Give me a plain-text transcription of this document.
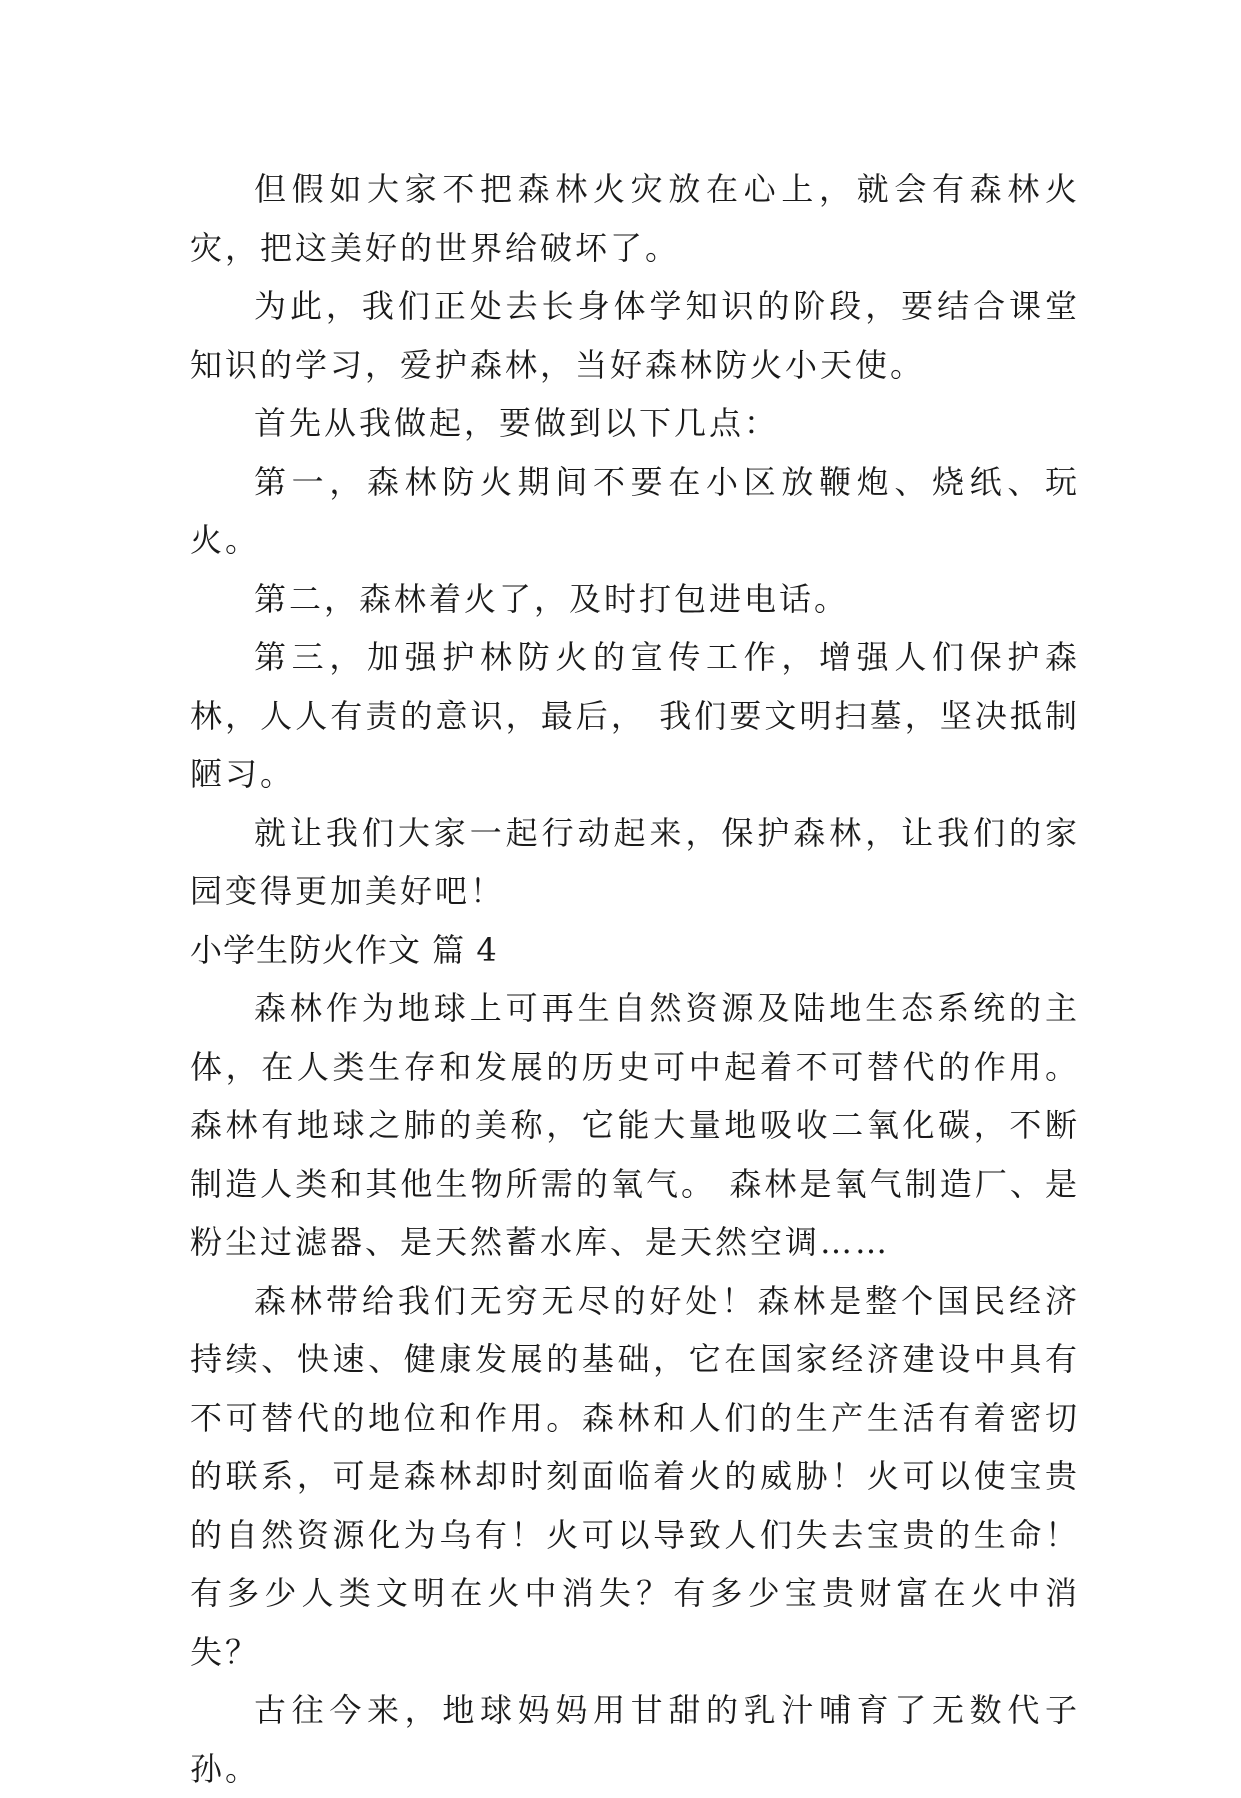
但假如大家不把森林火灾放在心上，就会有森林火灾，把这美好的世界给破坏了。

为此，我们正处去长身体学知识的阶段，要结合课堂知识的学习，爱护森林，当好森林防火小天使。

首先从我做起，要做到以下几点：

第一，森林防火期间不要在小区放鞭炮、烧纸、玩火。

第二，森林着火了，及时打包进电话。

第三，加强护林防火的宣传工作，增强人们保护森林，人人有责的意识，最后， 我们要文明扫墓，坚决抵制陋习。

就让我们大家一起行动起来，保护森林，让我们的家园变得更加美好吧！

小学生防火作文 篇 4

森林作为地球上可再生自然资源及陆地生态系统的主体，在人类生存和发展的历史可中起着不可替代的作用。森林有地球之肺的美称，它能大量地吸收二氧化碳，不断制造人类和其他生物所需的氧气。 森林是氧气制造厂、是粉尘过滤器、是天然蓄水库、是天然空调……

森林带给我们无穷无尽的好处！森林是整个国民经济持续、快速、健康发展的基础，它在国家经济建设中具有不可替代的地位和作用。森林和人们的生产生活有着密切的联系，可是森林却时刻面临着火的威胁！火可以使宝贵的自然资源化为乌有！火可以导致人们失去宝贵的生命！有多少人类文明在火中消失？有多少宝贵财富在火中消失？

古往今来，地球妈妈用甘甜的乳汁哺育了无数代子孙。
